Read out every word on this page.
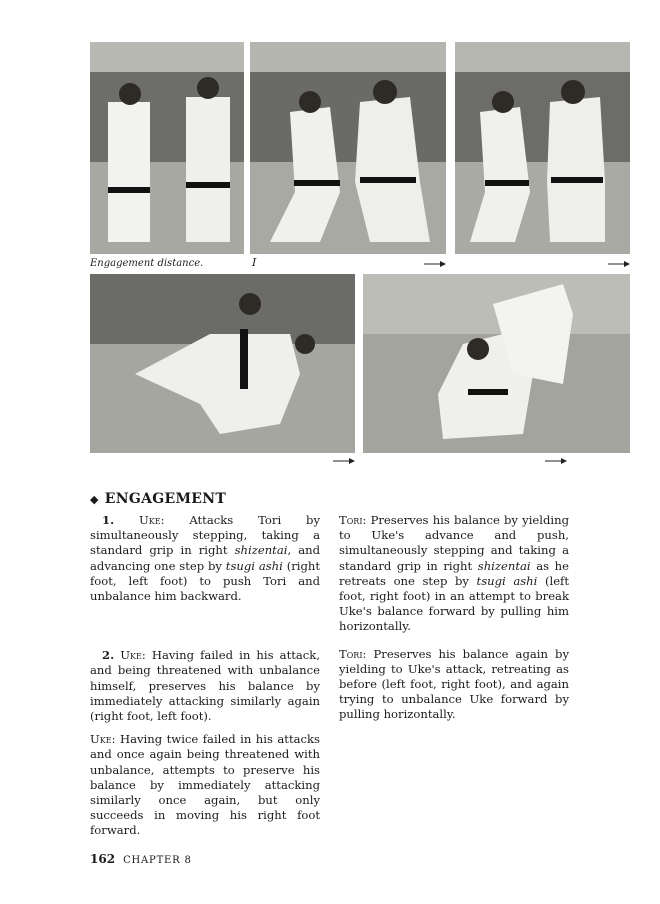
Engagement distance.	I
◆ ENGAGEMENT

1. Uke: Attacks Tori by simultaneously stepping, taking a standard grip in right shizentai, and advancing one step by tsugi ashi (right foot, left foot) to push Tori and unbalance him backward.

2. Uke: Having failed in his attack, and being threatened with unbalance himself, preserves his balance by immediately attacking similarly again (right foot, left foot).

Uke: Having twice failed in his attacks and once again being threatened with unbalance, attempts to preserve his balance by immediately attacking similarly once again, but only succeeds in moving his right foot forward.

Tori: Preserves his balance by yielding to Uke's advance and push, simultaneously stepping and taking a standard grip in right shizentai as he retreats one step by tsugi ashi (left foot, right foot) in an attempt to break Uke's balance forward by pulling him horizontally.

Tori: Preserves his balance again by yielding to Uke's attack, retreating as before (left foot, right foot), and again trying to unbalance Uke forward by pulling horizontally.

162 CHAPTER 8
